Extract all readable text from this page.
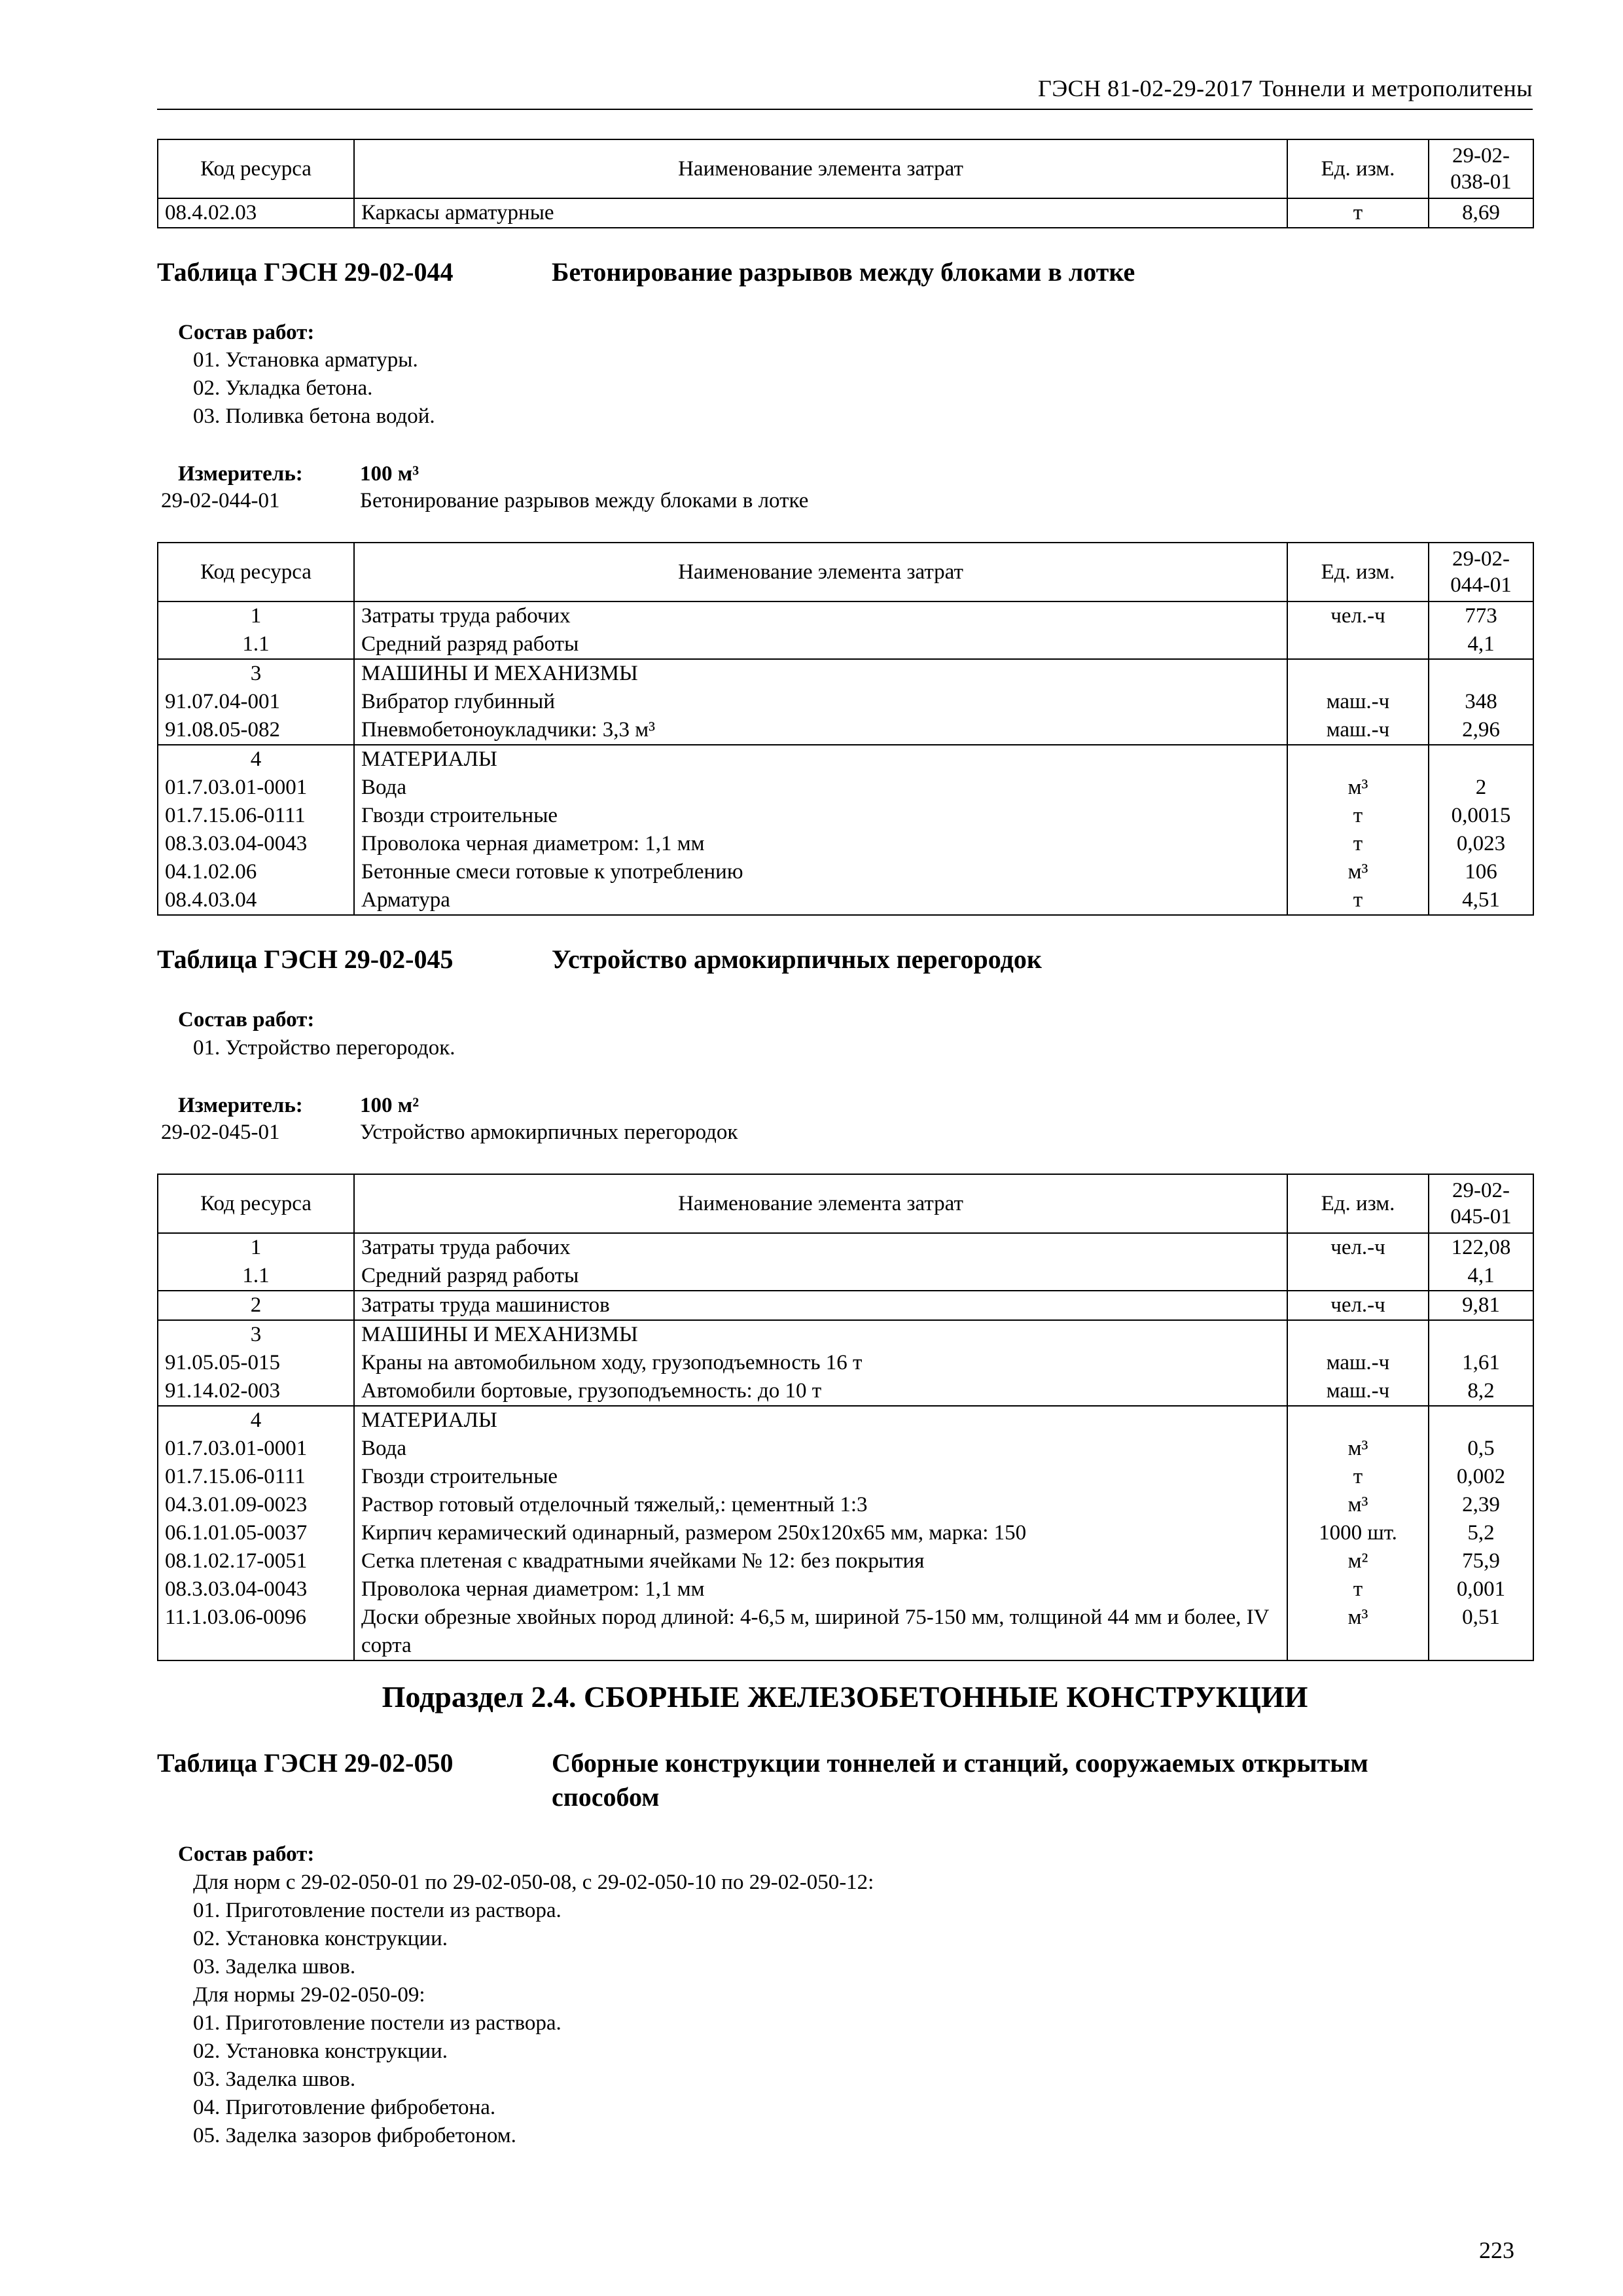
ГЭСН 81-02-29-2017 Тоннели и метрополитены
Код ресурса	Наименование элемента затрат	Ед. изм.	29-02-
038-01
08.4.02.03	Каркасы арматурные	т	8,69
Таблица ГЭСН 29-02-044	Бетонирование разрывов между блоками в лотке
Состав работ:
01. Установка арматуры.
02. Укладка бетона.
03. Поливка бетона водой.
Измеритель:	100 м³
29-02-044-01	Бетонирование разрывов между блоками в лотке
Код ресурса	Наименование элемента затрат	Ед. изм.	29-02-
044-01
1	Затраты труда рабочих	чел.-ч	773
1.1	Средний разряд работы		4,1
3	МАШИНЫ И МЕХАНИЗМЫ		
91.07.04-001	Вибратор глубинный	маш.-ч	348
91.08.05-082	Пневмобетоноукладчики: 3,3 м³	маш.-ч	2,96
4	МАТЕРИАЛЫ		
01.7.03.01-0001	Вода	м³	2
01.7.15.06-0111	Гвозди строительные	т	0,0015
08.3.03.04-0043	Проволока черная диаметром: 1,1 мм	т	0,023
04.1.02.06	Бетонные смеси готовые к употреблению	м³	106
08.4.03.04	Арматура	т	4,51
Таблица ГЭСН 29-02-045	Устройство армокирпичных перегородок
Состав работ:
01. Устройство перегородок.
Измеритель:	100 м²
29-02-045-01	Устройство армокирпичных перегородок
Код ресурса	Наименование элемента затрат	Ед. изм.	29-02-
045-01
1	Затраты труда рабочих	чел.-ч	122,08
1.1	Средний разряд работы		4,1
2	Затраты труда машинистов	чел.-ч	9,81
3	МАШИНЫ И МЕХАНИЗМЫ		
91.05.05-015	Краны на автомобильном ходу, грузоподъемность 16 т	маш.-ч	1,61
91.14.02-003	Автомобили бортовые, грузоподъемность: до 10 т	маш.-ч	8,2
4	МАТЕРИАЛЫ		
01.7.03.01-0001	Вода	м³	0,5
01.7.15.06-0111	Гвозди строительные	т	0,002
04.3.01.09-0023	Раствор готовый отделочный тяжелый,: цементный 1:3	м³	2,39
06.1.01.05-0037	Кирпич керамический одинарный, размером 250х120х65 мм, марка: 150	1000 шт.	5,2
08.1.02.17-0051	Сетка плетеная с квадратными ячейками № 12: без покрытия	м²	75,9
08.3.03.04-0043	Проволока черная диаметром: 1,1 мм	т	0,001
11.1.03.06-0096	Доски обрезные хвойных пород длиной: 4-6,5 м, шириной 75-150 мм, толщиной 44 мм и более, IV сорта	м³	0,51
Подраздел 2.4. СБОРНЫЕ ЖЕЛЕЗОБЕТОННЫЕ КОНСТРУКЦИИ
Таблица ГЭСН 29-02-050	Сборные конструкции тоннелей и станций, сооружаемых открытым
способом
Состав работ:
Для норм с 29-02-050-01 по 29-02-050-08, с 29-02-050-10 по 29-02-050-12:
01. Приготовление постели из раствора.
02. Установка конструкции.
03. Заделка швов.
Для нормы 29-02-050-09:
01. Приготовление постели из раствора.
02. Установка конструкции.
03. Заделка швов.
04. Приготовление фибробетона.
05. Заделка зазоров фибробетоном.
223
